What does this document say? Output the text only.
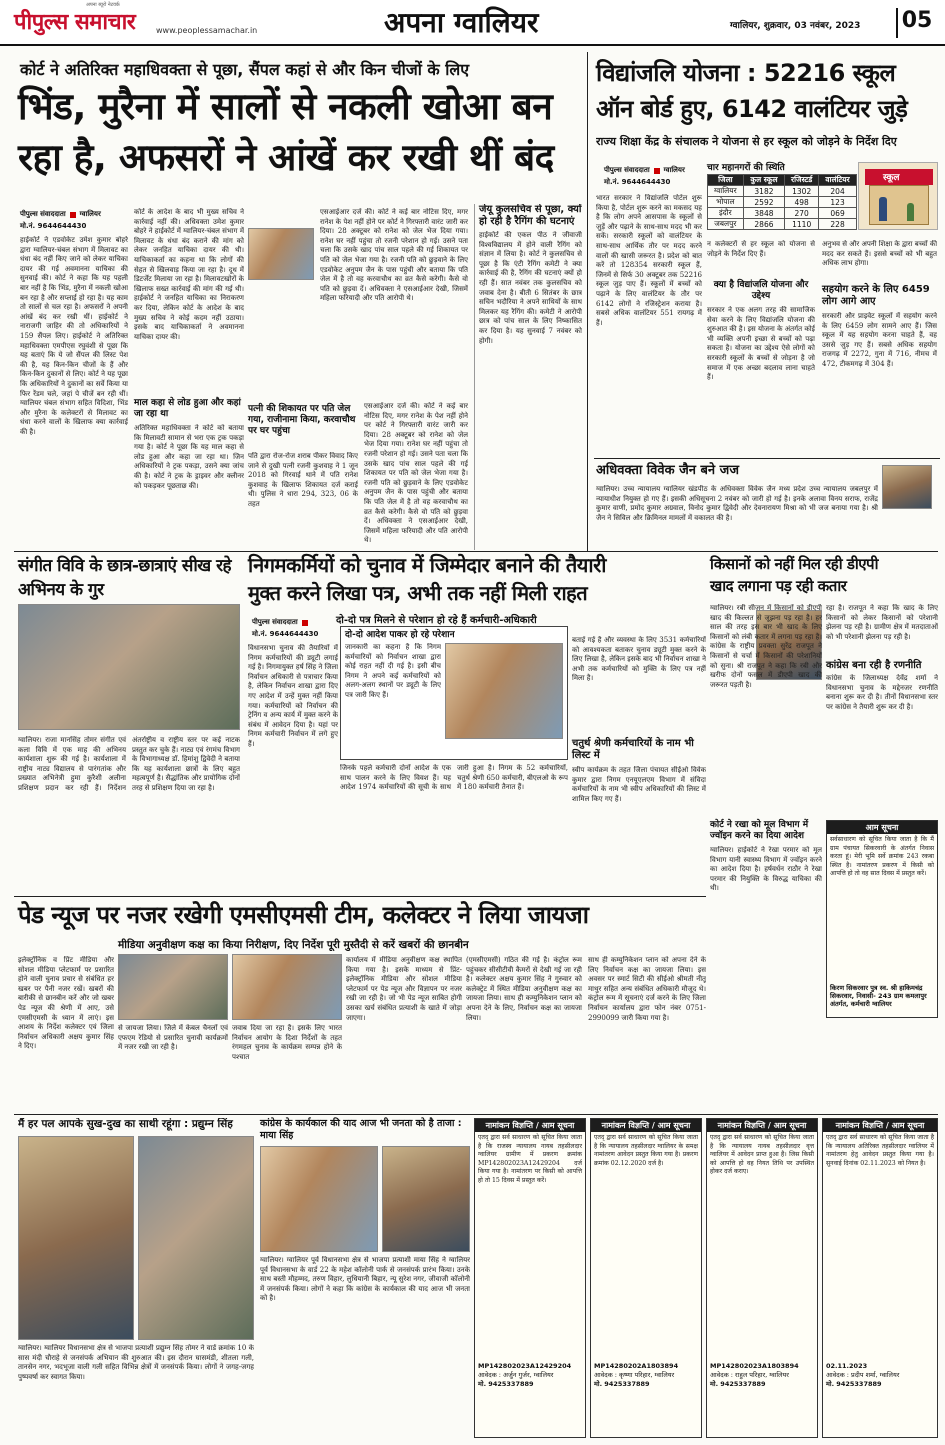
पीपुल्स समाचार
अपना ब्यूरो नेटवर्क
www.peoplessamachar.in	अपना ग्वालियर	ग्वालियर, शुक्रवार, 03 नवंबर, 2023 05
कोर्ट ने अतिरिक्त महाधिवक्ता से पूछा, सैंपल कहां से और किन चीजों के लिए
भिंड, मुरैना में सालों से नकली खोआ बन
रहा है, अफसरों ने आंखें कर रखी थीं बंद
पीपुल्स संवाददाता ग्वालियर
मो.नं. 9644644430
हाईकोर्ट ने एडवोकेट उमेश कुमार बोहरे द्वारा ग्वालियर-चंबल संभाग में मिलावट का धंधा बंद नहीं किए जाने को लेकर याचिका दायर की गई अवमानना याचिका की सुनवाई की। कोर्ट ने कहा कि यह पहली बार नहीं है कि भिंड, मुरैना में नकली खोआ बन रहा है और सप्लाई हो रहा है। यह काम तो सालों से चल रहा है। अफसरों ने अपनी आंखें बंद कर रखी थीं। हाईकोर्ट ने नाराजगी जाहिर की तो अधिकारियों ने 159 सैंपल लिए। हाईकोर्ट ने अतिरिक्त महाधिवक्ता एमपीएस रघुवंशी से पूछा कि यह बताएं कि ये जो सैंपल की लिस्ट पेश की है, यह किन-किन चीजों के हैं और किन-किन दुकानों से लिए। कोर्ट ने यह पूछा कि अधिकारियों ने दुकानों का सर्वे किया या फिर रेंडम चले, जहां पे चीजें बन रही थीं। ग्वालियर चंबल संभाग सहित विदिशा, भिंड और मुरैना के कलेक्टरों से मिलावट का धंधा करने वालों के खिलाफ क्या कार्रवाई की है।
कोर्ट के आदेश के बाद भी मुख्य सचिव ने कार्रवाई नहीं की। अधिवक्ता उमेश कुमार बोहरे ने हाईकोर्ट में ग्वालियर-चंबल संभाग में मिलावट के धंधा बंद कराने की मांग को लेकर जनहित याचिका दायर की थी। याचिकाकर्ता का कहना था कि लोगों की सेहत से खिलवाड़ किया जा रहा है। दूध में डिटर्जेंट मिलाया जा रहा है। मिलावटखोरों के खिलाफ सख्त कार्रवाई की मांग की गई थी। हाईकोर्ट ने जनहित याचिका का निराकरण कर दिया, लेकिन कोर्ट के आदेश के बाद मुख्य सचिव ने कोई कदम नहीं उठाया। इसके बाद याचिकाकर्ता ने अवमानना याचिका दायर की।
माल कहा से लोड हुआ और कहां जा रहा था
अतिरिक्त महाधिवक्ता ने कोर्ट को बताया कि मिलावटी सामान से भरा एक ट्रक पकड़ा गया है। कोर्ट ने पूछा कि यह माल कहा से लोड हुआ और कहा जा रहा था। जिन अधिकारियों ने ट्रक पकड़ा, उसने क्या जांच की है। कोर्ट ने ट्रक के ड्राइवर और क्लीनर को पकड़कर पूछताछ की।
एसआईआर दर्ज की। कोर्ट ने कई बार नोटिस दिए, मगर रानेश के पेश नहीं होने पर कोर्ट ने गिरफ्तारी वारंट जारी कर दिया। 28 अक्टूबर को रानेश को जेल भेज दिया गया। रानेश घर नहीं पहुंचा तो रजनी परेशान हो गई। उसने पता चला कि उसके खाद पांच साल पहले की गई शिकायत पर पति को जेल भेजा गया है। रजनी पति को छुड़वाने के लिए एडवोकेट अनुपम जैन के पास पहुंची और बताया कि पति जेल में है तो वह करवाचौथ का व्रत कैसे करेगी। कैसे वो पति को छुड़वा दें। अधिवक्ता ने एसआईआर देखी, जिसमें महिला फरियादी और पति आरोपी थे।
पत्नी की शिकायत पर पति जेल गया, राजीनामा किया, करवाचौथ पर घर पहुंचा
पति द्वारा रोज-रोज शराब पीकर विवाद किए जाने से दुखी पत्नी रजनी कुशवाह ने 1 जून 2018 को गिरवाई थाने में पति रानेश कुशवाह के खिलाफ शिकायत दर्ज कराई थी। पुलिस ने धारा 294, 323, 06 के तहत
एसआईआर दर्ज की। कोर्ट ने कई बार नोटिस दिए, मगर रानेश के पेश नहीं होने पर कोर्ट ने गिरफ्तारी वारंट जारी कर दिया। 28 अक्टूबर को रानेश को जेल भेज दिया गया। रानेश घर नहीं पहुंचा तो रजनी परेशान हो गई। उसने पता चला कि उसके खाद पांच साल पहले की गई शिकायत पर पति को जेल भेजा गया है। रजनी पति को छुड़वाने के लिए एडवोकेट अनुपम जैन के पास पहुंची और बताया कि पति जेल में है तो वह करवाचौथ का व्रत कैसे करेगी। कैसे वो पति को छुड़वा दें। अधिवक्ता ने एसआईआर देखी, जिसमें महिला फरियादी और पति आरोपी थे।
जेयू कुलसचिव से पूछा, क्यों हो रही है रैगिंग की घटनाएं
हाईकोर्ट की एकल पीठ ने जीवाजी विश्वविद्यालय में होने वाली रैगिंग को संज्ञान में लिया है। कोर्ट ने कुलसचिव से पूछा है कि एंटी रैगिंग कमेटी ने क्या कार्रवाई की है, रैगिंग की घटनाएं क्यों हो रही हैं। सात नवंबर तक कुलसचिव को जवाब देना है। बीती 6 सितंबर के छात्र सचिन भदौरिया ने अपने साथियों के साथ मिलकर यह रैगिंग की। कमेटी ने आरोपी छात्र को पांच साल के लिए निष्कासित कर दिया है। यह सुनवाई 7 नवंबर को होगी।
विद्यांजलि योजना : 52216 स्कूल
ऑन बोर्ड हुए, 6142 वालंटियर जुड़े
राज्य शिक्षा केंद्र के संचालक ने योजना से हर स्कूल को जोड़ने के निर्देश दिए
पीपुल्स संवाददाता ग्वालियर
मो.नं. 9644644430
भारत सरकार ने विद्यांजलि पोर्टल शुरू किया है, पोर्टल शुरू करने का मकसद यह है कि लोग अपने आसपास के स्कूलों से जुड़ें और पढ़ाने के साथ-साथ मदद भी कर सकें। सरकारी स्कूलों को वालंटियर के साथ-साथ आर्थिक तौर पर मदद करने वालों की खासी जरूरत है। प्रदेश को बात करें तो 128354 सरकारी स्कूल हैं, जिनमें से सिर्फ 30 अक्टूबर तक 52216 स्कूल जुड़ पाए हैं। स्कूलों में बच्चों को पढ़ाने के लिए वालंटियर के तौर पर 6142 लोगों ने रजिस्ट्रेशन कराया है। सबसे अधिक वालंटियर 551 रायगढ़ में हैं।
चार महानगरों की स्थिति
जिला	कुल स्कूल	रजिस्टर्ड	वालंटियर
ग्वालियर	3182	1302	204
भोपाल	2592	498	123
इंदौर	3848	270	069
जबलपुर	2866	1110	228
स्कूल
न कलेक्टरों से हर स्कूल को योजना से जोड़ने के निर्देश दिए हैं।
क्या है विद्यांजलि योजना और उद्देश्य
सरकार ने एक अलग तरह की सामाजिक सेवा करने के लिए विद्यांजलि योजना की शुरुआत की है। इस योजना के अंतर्गत कोई भी व्यक्ति अपनी इच्छा से बच्चों को पढ़ा सकता है। योजना का उद्देश्य ऐसे लोगों को सरकारी स्कूलों के बच्चों से जोड़ना है जो समाज में एक अच्छा बदलाव लाना चाहते हैं।
अनुभव से और अपनी शिक्षा के द्वारा बच्चों की मदद कर सकते हैं। इससे बच्चों को भी बहुत अधिक लाभ होगा।
सहयोग करने के लिए 6459 लोग आगे आए
सरकारी और प्राइवेट स्कूलों में सहयोग करने के लिए 6459 लोग सामने आए हैं। जिस स्कूल में यह सहयोग करना चाहते हैं, वह उससे जुड़ गए हैं। सबसे अधिक सहयोग राजगढ़ में 2272, गुना में 716, नीमच में 472, टीकमगढ़ में 304 हैं।
अधिवक्ता विवेक जैन बने जज
ग्वालियर। उच्च न्यायालय ग्वालियर खंडपीठ के अधिवक्ता विवेक जैन मध्य प्रदेश उच्च न्यायालय जबलपुर में न्यायाधीश नियुक्त हो गए हैं। इसकी अधिसूचना 2 नवंबर को जारी हो गई है। इनके अलावा विनय सराफ, राजेंद्र कुमार वाणी, प्रमोद कुमार अग्रवाल, विनोद कुमार द्विवेदी और देवनारायण मिश्रा को भी जज बनाया गया है। श्री जैन ने सिविल और क्रिमिनल मामलों में वकालत की है।
संगीत विवि के छात्र-छात्राएं सीख रहे अभिनय के गुर
ग्वालियर। राजा मानसिंह तोमर संगीत एवं कला विवि में एक माह की अभिनय कार्यशाला शुरू की गई है। कार्यशाला में राष्ट्रीय नाट्य विद्यालय से पारंगतांक और प्रख्यात अभिनेत्री हुमा कुरैशी अलीना प्रशिक्षण प्रदान कर रही हैं। निर्देशन अंतर्राष्ट्रीय व राष्ट्रीय स्तर पर कई नाटक प्रस्तुत कर चुके हैं। नाट्य एवं रंगमंच विभाग के विभागाध्यक्ष डॉ. हिमांशु द्विवेदी ने बताया कि यह कार्यशाला छात्रों के लिए बहुत महत्वपूर्ण है। सैद्धांतिक और प्रायोगिक दोनों तरह से प्रशिक्षण दिया जा रहा है।
निगमकर्मियों को चुनाव में जिम्मेदार बनाने की तैयारी
मुक्त करने लिखा पत्र, अभी तक नहीं मिली राहत
दो-दो पत्र मिलने से परेशान हो रहे हैं कर्मचारी-अधिकारी
पीपुल्स संवाददाता
मो.नं. 9644644430
विधानसभा चुनाव की तैयारियों में निगम कर्मचारियों की ड्यूटी लगाई गई है। निगमायुक्त हर्ष सिंह ने जिला निर्वाचन अधिकारी से पत्राचार किया है, लेकिन निर्वाचन शाखा द्वारा दिए गए आदेश में उन्हें मुक्त नहीं किया गया। कर्मचारियों को निर्वाचन की ट्रेनिंग व अन्य कार्य में मुक्त करने के संबंध में आवेदन दिया है। यहां पर निगम कर्मचारी निर्वाचन में लगे हुए हैं।
दो-दो आदेश पाकर हो रहे परेशान
जानकारी का कहना है कि निगम कर्मचारियों को निर्वाचन शाखा द्वारा कोई राहत नहीं दी गई है। इसी बीच निगम ने अपने कई कर्मचारियों को अलग-अलग स्थानों पर ड्यूटी के लिए पत्र जारी किए हैं।
जिनके पहले कर्मचारी दोनों आदेश के एक साथ पालन करने के लिए विवश हैं। यह आदेश 1974 कर्मचारियों की सूची के साथ जारी हुआ है। निगम के 52 कर्मचारियों, चतुर्थ श्रेणी 650 कर्मचारी, बीएलओ के रूप में 180 कर्मचारी तैनात हैं।
बताई गई है और व्यवस्था के लिए 3531 कर्मचारियों को आवश्यकता बताकर चुनाव ड्यूटी मुक्त करने के लिए लिखा है, लेकिन इसके बाद भी निर्वाचन शाखा ने अभी तक कर्मचारियों को मुक्ति के लिए पत्र नहीं मिला है।
चतुर्थ श्रेणी कर्मचारियों के नाम भी लिस्ट में
स्वीप कार्यक्रम के तहत जिला पंचायत सीईओ विवेक कुमार द्वारा निगम एनयूएलएम विभाग में संविदा कर्मचारियों के नाम भी स्वीप अधिकारियों की लिस्ट में शामिल किए गए हैं।
किसानों को नहीं मिल रही डीएपी
खाद लगाना पड़ रही कतार
ग्वालियर। रबी सीजन में किसानों को डीएपी खाद की किल्लत से जूझना पड़ रहा है। हर साल की तरह इस बार भी खाद के लिए किसानों को लंबी कतार में लगना पड़ रहा है। कांग्रेस के राष्ट्रीय प्रवक्ता सुरेंद्र राजपूत ने किसानों से चर्चा में किसानों की परेशानियों को सुना। श्री राजपूत ने कहा कि रबी और खरीफ दोनों फसल में डीएपी खाद की जरूरत पड़ती है।
रहा है। राजपूत ने कहा कि खाद के लिए किसानों को लेकर किसानों को परेशानी झेलना पड़ रही है। ग्रामीण क्षेत्र में मतदाताओं को भी परेशानी झेलना पड़ रही है।
कांग्रेस बना रही है रणनीति
कांग्रेस के जिलाध्यक्ष देवेंद्र शर्मा ने विधानसभा चुनाव के मद्देनजर रणनीति बनाना शुरू कर दी है। तीनों विधानसभा स्तर पर कांग्रेस ने तैयारी शुरू कर दी है।
कोर्ट ने रखा को मूल विभाग में ज्वॉइन करने का दिया आदेश
ग्वालियर। हाईकोर्ट ने रेखा परमार को मूल विभाग यानी स्वास्थ्य विभाग में ज्वॉइन करने का आदेश दिया है। हर्षवर्धन राठौर ने रेखा परमार की नियुक्ति के विरुद्ध याचिका की थी।
आम सूचना
सर्वसाधारण को सूचित किया जाता है कि मैं ग्राम पंचायत सिकरवारी के अंतर्गत निवास करता हूं। मेरी भूमि सर्वे क्रमांक 243 रकबा स्थित है। नामांतरण प्रकरण में किसी को आपत्ति हो तो वह सात दिवस में प्रस्तुत करें।
किरण सिकरवार पुत्र स्व. श्री हाकिमचंद्र सिकरवार, निवासी- 243 ग्राम कमलापुर अंतर्गत, कर्मचारी ग्वालियर
पेड न्यूज पर नजर रखेगी एमसीएमसी टीम, कलेक्टर ने लिया जायजा
मीडिया अनुवीक्षण कक्ष का किया निरीक्षण, दिए निर्देश पूरी मुस्तैदी से करें खबरों की छानबीन
इलेक्ट्रॉनिक व प्रिंट मीडिया और सोशल मीडिया प्लेटफार्म पर प्रसारित होने वाली चुनाव प्रचार से संबंधित हर खबर पर पैनी नजर रखें। खबरों की बारीकी से छानबीन करें और जो खबर पेड न्यूज की श्रेणी में आए, उसे एमसीएमसी के ध्यान में लाएं। इस आशय के निर्देश कलेक्टर एवं जिला निर्वाचन अधिकारी अक्षय कुमार सिंह ने दिए।
से जायजा लिया। जिले में केबल चैनलों एवं एफएम रेडियो से प्रसारित चुनावी कार्यक्रमों में नजर रखी जा रही है।
जवाब दिया जा रहा है। इसके लिए भारत निर्वाचन आयोग के दिशा निर्देशों के तहत रंगमहल चुनाव के कार्यक्रम सम्पन्न होने के पश्चात
कार्यालय में मीडिया अनुवीक्षण कक्ष स्थापित किया गया है। इसके माध्यम से प्रिंट-इलेक्ट्रॉनिक मीडिया और सोशल मीडिया प्लेटफार्म पर पेड न्यूज और विज्ञापन पर नजर रखी जा रही है। जो भी पेड न्यूज साबित होगी उसका खर्च संबंधित प्रत्याशी के खाते में जोड़ा जाएगा।
(एमसीएमसी) गठित की गई है। कंट्रोल रूम पहुंचकर सीसीटीवी कैमरों से देखी गई जा रही है। कलेक्टर अक्षय कुमार सिंह ने गुरुवार को कलेक्ट्रेट में स्थित मीडिया अनुवीक्षण कक्ष का जायजा लिया। साथ ही कम्युनिकेशन प्लान को अपना देने के लिए, निर्वाचन कक्ष का जायजा लिया।
साथ ही कम्युनिकेशन प्लान को अपना देने के लिए निर्वाचन कक्ष का जायजा लिया। इस अवसर पर स्मार्ट सिटी की सीईओ श्रीमती नीतू माथुर सहित अन्य संबंधित अधिकारी मौजूद थे। कंट्रोल रूम में सूचनाएं दर्ज करने के लिए जिला निर्वाचन कार्यालय द्वारा फोन नंबर 0751-2990099 जारी किया गया है।
मैं हर पल आपके सुख-दुख का साथी रहूंगा : प्रद्युम्न सिंह
ग्वालियर। ग्वालियर विधानसभा क्षेत्र से भाजपा प्रत्याशी प्रद्युम्न सिंह तोमर ने वार्ड क्रमांक 10 के सास मंदी चौराहे से जनसंपर्क अभियान की शुरुआत की। इस दौरान घासमंडी, शीतला गली, तानसेन नगर, भदभूजा वाली गली सहित विभिन्न क्षेत्रों में जनसंपर्क किया। लोगों ने जगह-जगह पुष्पवर्षा कर स्वागत किया।
कांग्रेस के कार्यकाल की याद आज भी जनता को है ताजा : माया सिंह
ग्वालियर। ग्वालियर पूर्व विधानसभा क्षेत्र से भाजपा प्रत्याशी माया सिंह ने ग्वालियर पूर्व विधानसभा के वार्ड 22 के महेश कॉलोनी पार्क से जनसंपर्क प्रारंभ किया। उनके साथ बस्ती मौहम्मद, तरुण विहार, लुधियानी बिहार, न्यू सुरेश नगर, जीवाजी कॉलोनी में जनसंपर्क किया। लोगों ने कहा कि कांग्रेस के कार्यकाल की याद आज भी जनता को है।
नामांकन विज्ञप्ति / आम सूचना
एतद् द्वारा सर्व साधारण को सूचित किया जाता है कि राजस्व न्यायालय नायब तहसीलदार ग्वालियर ग्रामीण में प्रकरण क्रमांक MP142802023A12429204 दर्ज किया गया है। नामांतरण पर किसी को आपत्ति हो तो 15 दिवस में प्रस्तुत करें।
MP142802023A12429204
आवेदक : अर्जुन गुर्जर, ग्वालियर
मो. 9425337889
नामांकन विज्ञप्ति / आम सूचना
एतद् द्वारा सर्व साधारण को सूचित किया जाता है कि न्यायालय तहसीलदार ग्वालियर के समक्ष नामांतरण आवेदन प्रस्तुत किया गया है। प्रकरण क्रमांक 02.12.2020 दर्ज है।
MP14280202A1803894
आवेदक : कृष्णा परिहार, ग्वालियर
मो. 9425337889
नामांकन विज्ञप्ति / आम सूचना
एतद् द्वारा सर्व साधारण को सूचित किया जाता है कि न्यायालय नायब तहसीलदार वृत्त ग्वालियर में आवेदन प्राप्त हुआ है। जिस किसी को आपत्ति हो वह नियत तिथि पर उपस्थित होकर दर्ज कराए।
MP142802023A1803894
आवेदक : राहुल परिहार, ग्वालियर
मो. 9425337889
नामांकन विज्ञप्ति / आम सूचना
एतद् द्वारा सर्व साधारण को सूचित किया जाता है कि न्यायालय अतिरिक्त तहसीलदार ग्वालियर में नामांतरण हेतु आवेदन प्रस्तुत किया गया है। सुनवाई दिनांक 02.11.2023 को नियत है।
02.11.2023
आवेदक : प्रदीप शर्मा, ग्वालियर
मो. 9425337889
